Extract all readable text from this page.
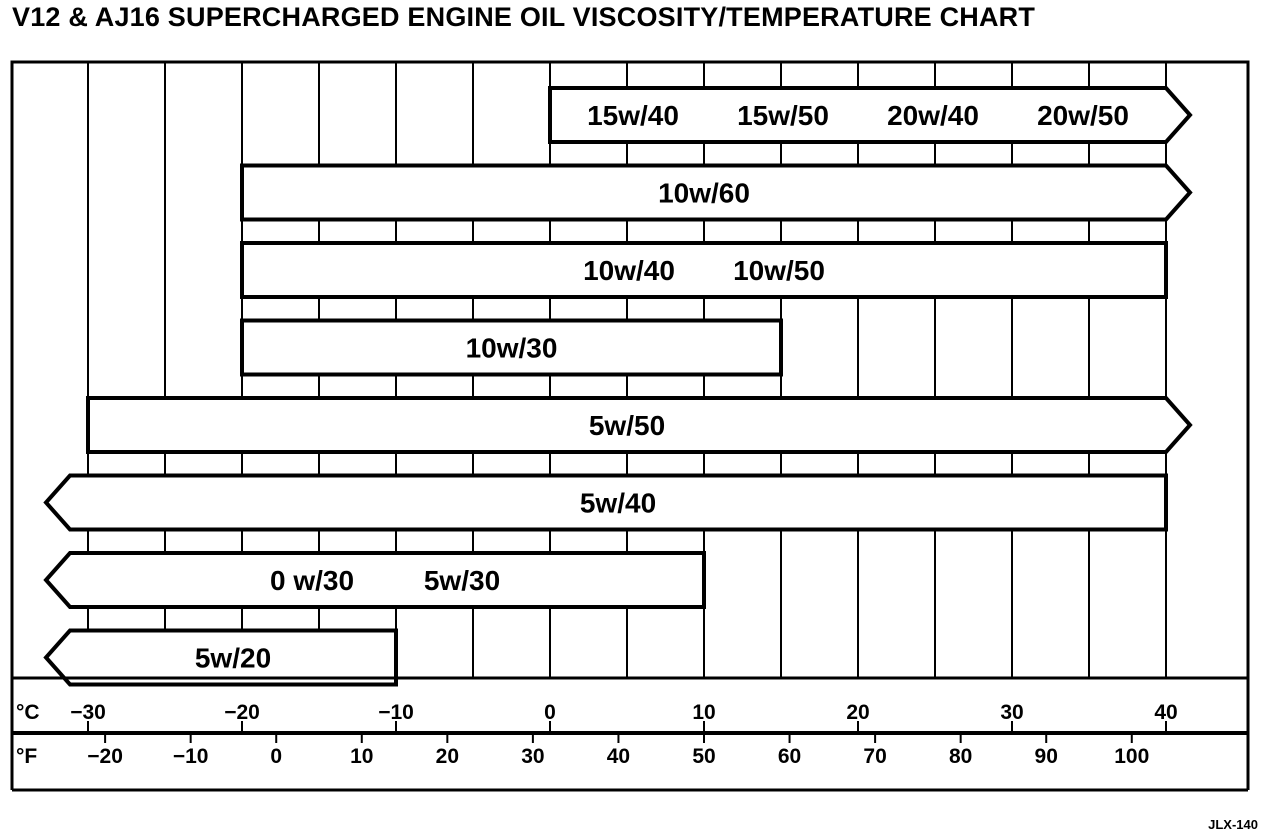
V12 & AJ16 SUPERCHARGED ENGINE OIL VISCOSITY/TEMPERATURE CHART
15w/40 15w/50 20w/40 20w/50
10w/60
10w/40 10w/50
10w/30
5w/50
5w/40
0 w/30 5w/30
5w/20
°C
°F
−30	−20	−10	0	10	20	30	40
−20 −10	0	10	20	30	40	50	60	70	80	90	100

JLX-140
